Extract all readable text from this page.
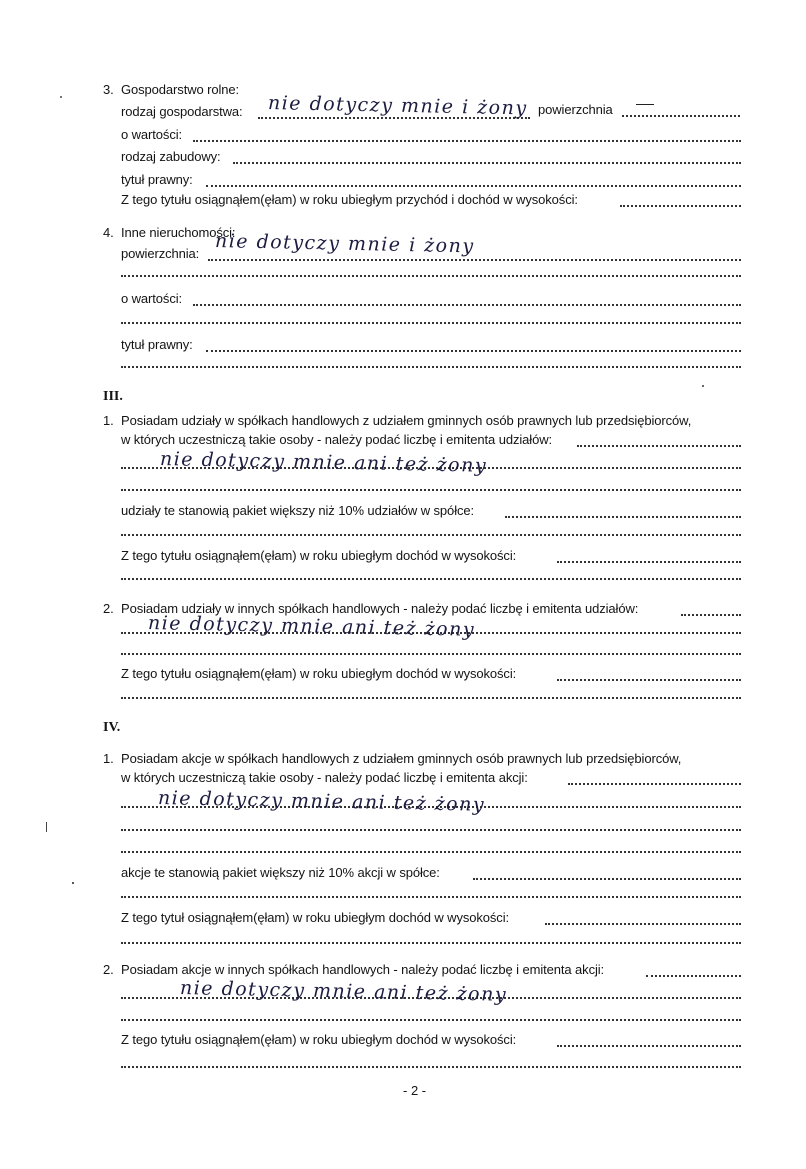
3. Gospodarstwo rolne:
rodzaj gospodarstwa: nie dotyczy mnie i żony powierzchnia
—
o wartości:
rodzaj zabudowy:
tytuł prawny:
Z tego tytułu osiągnąłem(ęłam) w roku ubiegłym przychód i dochód w wysokości:
4. Inne nieruchomości:
powierzchnia: nie dotyczy mnie i żony
o wartości:
tytuł prawny:
III.
1. Posiadam udziały w spółkach handlowych z udziałem gminnych osób prawnych lub przedsiębiorców,
w których uczestniczą takie osoby - należy podać liczbę i emitenta udziałów:
nie dotyczy mnie ani też żony
udziały te stanowią pakiet większy niż 10% udziałów w spółce:
Z tego tytułu osiągnąłem(ęłam) w roku ubiegłym dochód w wysokości:
2. Posiadam udziały w innych spółkach handlowych - należy podać liczbę i emitenta udziałów:
nie dotyczy mnie ani też żony
Z tego tytułu osiągnąłem(ęłam) w roku ubiegłym dochód w wysokości:
IV.
1. Posiadam akcje w spółkach handlowych z udziałem gminnych osób prawnych lub przedsiębiorców,
w których uczestniczą takie osoby - należy podać liczbę i emitenta akcji:
nie dotyczy mnie ani też żony
akcje te stanowią pakiet większy niż 10% akcji w spółce:
Z tego tytuł osiągnąłem(ęłam) w roku ubiegłym dochód w wysokości:
2. Posiadam akcje w innych spółkach handlowych - należy podać liczbę i emitenta akcji:
nie dotyczy mnie ani też żony
Z tego tytułu osiągnąłem(ęłam) w roku ubiegłym dochód w wysokości:
- 2 -
